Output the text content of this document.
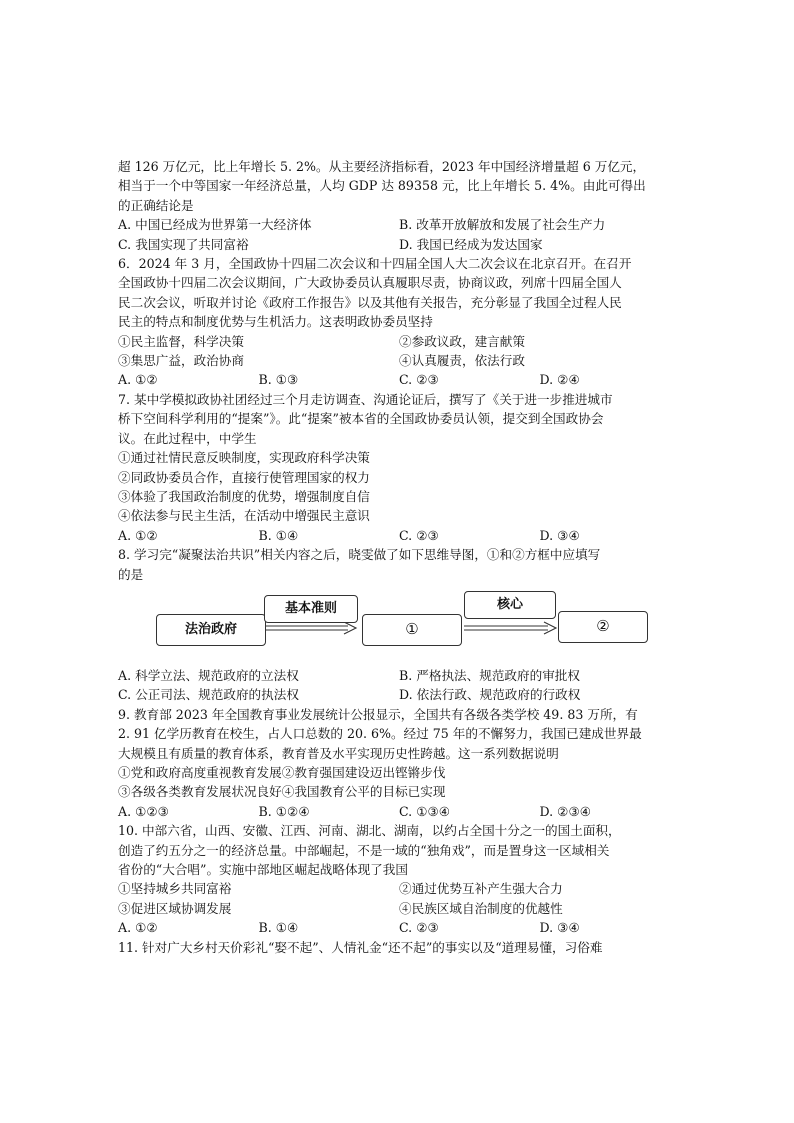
超 126 万亿元，比上年增长 5. 2%。从主要经济指标看，2023 年中国经济增量超 6 万亿元，
相当于一个中等国家一年经济总量，人均 GDP 达 89358 元，比上年增长 5. 4%。由此可得出
的正确结论是
A. 中国已经成为世界第一大经济体	B. 改革开放解放和发展了社会生产力
C. 我国实现了共同富裕	D. 我国已经成为发达国家
6．2024 年 3 月，全国政协十四届二次会议和十四届全国人大二次会议在北京召开。在召开
全国政协十四届二次会议期间，广大政协委员认真履职尽责，协商议政，列席十四届全国人
民二次会议，听取并讨论《政府工作报告》以及其他有关报告，充分彰显了我国全过程人民
民主的特点和制度优势与生机活力。这表明政协委员坚持
①民主监督，科学决策	②参政议政，建言献策
③集思广益，政治协商	④认真履责，依法行政
A. ①②	B. ①③	C. ②③	D. ②④
7. 某中学模拟政协社团经过三个月走访调查、沟通论证后，撰写了《关于进一步推进城市
桥下空间科学利用的“提案”》。此“提案”被本省的全国政协委员认领，提交到全国政协会
议。在此过程中，中学生
①通过社情民意反映制度，实现政府科学决策
②同政协委员合作，直接行使管理国家的权力
③体验了我国政治制度的优势，增强制度自信
④依法参与民主生活，在活动中增强民主意识
A. ①②	B. ①④	C. ②③	D. ③④
8. 学习完“凝聚法治共识”相关内容之后，晓雯做了如下思维导图，①和②方框中应填写
的是
法治政府
基本准则
①
核心
②
A. 科学立法、规范政府的立法权	B. 严格执法、规范政府的审批权
C. 公正司法、规范政府的执法权	D. 依法行政、规范政府的行政权
9. 教育部 2023 年全国教育事业发展统计公报显示，全国共有各级各类学校 49. 83 万所，有
2. 91 亿学历教育在校生，占人口总数的 20. 6%。经过 75 年的不懈努力，我国已建成世界最
大规模且有质量的教育体系，教育普及水平实现历史性跨越。这一系列数据说明
①党和政府高度重视教育发展②教育强国建设迈出铿锵步伐
③各级各类教育发展状况良好④我国教育公平的目标已实现
A. ①②③	B. ①②④	C. ①③④	D. ②③④
10. 中部六省，山西、安徽、江西、河南、湖北、湖南，以约占全国十分之一的国土面积，
创造了约五分之一的经济总量。中部崛起，不是一域的“独角戏”，而是置身这一区域相关
省份的“大合唱”。实施中部地区崛起战略体现了我国
①坚持城乡共同富裕	②通过优势互补产生强大合力
③促进区域协调发展	④民族区域自治制度的优越性
A. ①②	B. ①④	C. ②③	D. ③④
11. 针对广大乡村天价彩礼“娶不起”、人情礼金“还不起”的事实以及“道理易懂，习俗难
